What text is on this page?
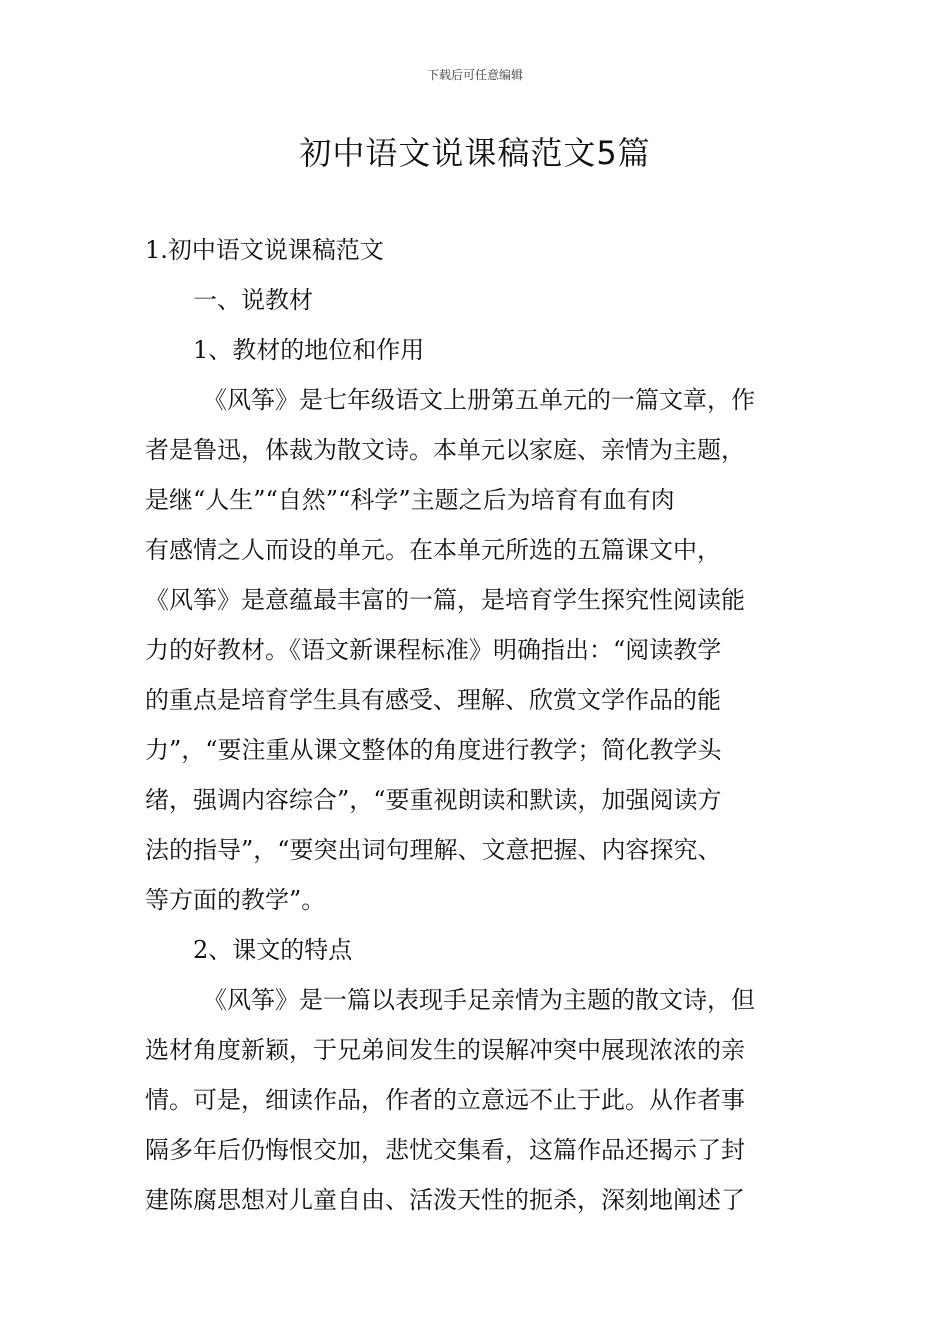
下载后可任意编辑
初中语文说课稿范文5篇
1.初中语文说课稿范文
一、说教材
1、教材的地位和作用
《风筝》是七年级语文上册第五单元的一篇文章，作
者是鲁迅，体裁为散文诗。本单元以家庭、亲情为主题，
是继“人生”“自然”“科学”主题之后为培育有血有肉
有感情之人而设的单元。在本单元所选的五篇课文中，
《风筝》是意蕴最丰富的一篇，是培育学生探究性阅读能
力的好教材。《语文新课程标准》明确指出：“阅读教学
的重点是培育学生具有感受、理解、欣赏文学作品的能
力”，“要注重从课文整体的角度进行教学；简化教学头
绪，强调内容综合”，“要重视朗读和默读，加强阅读方
法的指导”，“要突出词句理解、文意把握、内容探究、
等方面的教学”。
2、课文的特点
《风筝》是一篇以表现手足亲情为主题的散文诗，但
选材角度新颖，于兄弟间发生的误解冲突中展现浓浓的亲
情。可是，细读作品，作者的立意远不止于此。从作者事
隔多年后仍悔恨交加，悲忧交集看，这篇作品还揭示了封
建陈腐思想对儿童自由、活泼天性的扼杀，深刻地阐述了
